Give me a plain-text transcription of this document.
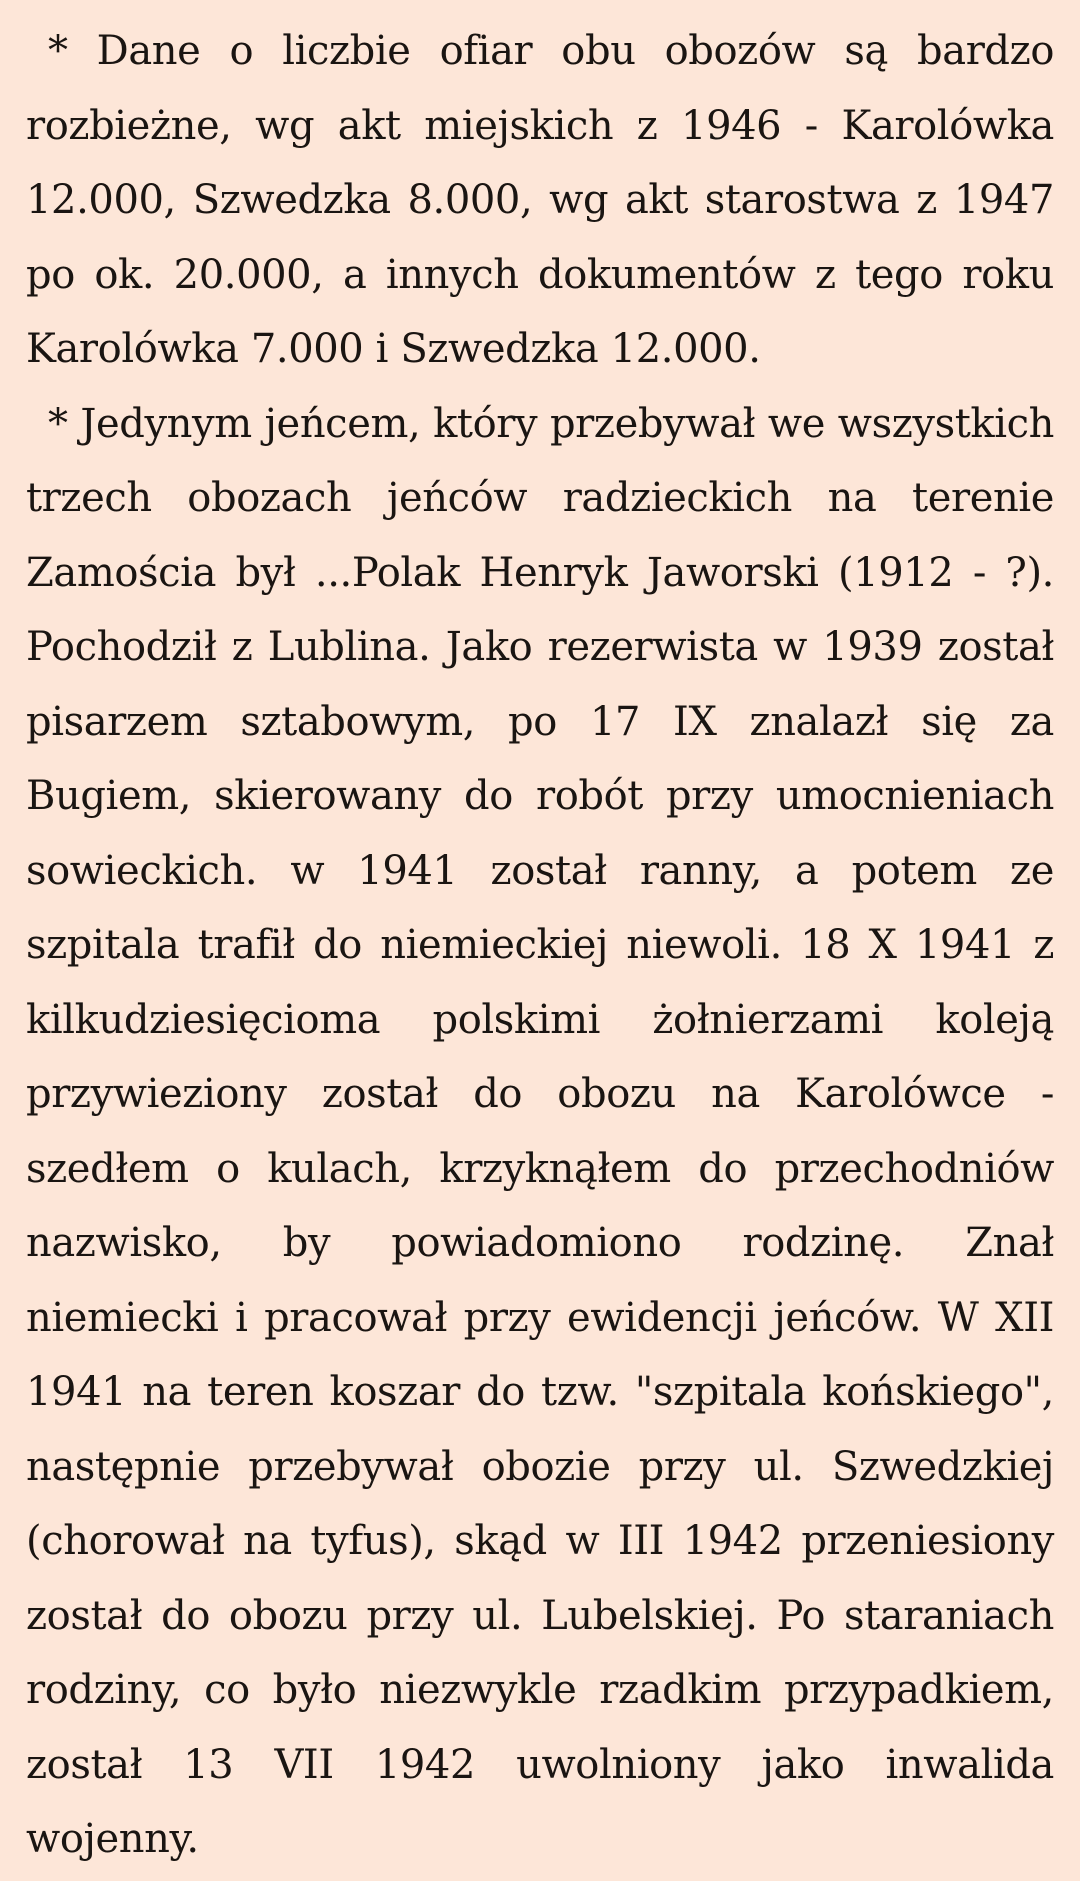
* Dane o liczbie ofiar obu obozów są bardzo rozbieżne, wg akt miejskich z 1946 - Karolówka 12.000, Szwedzka 8.000, wg akt starostwa z 1947 po ok. 20.000, a innych dokumentów z tego roku Karolówka 7.000 i Szwedzka 12.000.

* Jedynym jeńcem, który przebywał we wszystkich trzech obozach jeńców radzieckich na terenie Zamościa był ...Polak Henryk Jaworski (1912 - ?). Pochodził z Lublina. Jako rezerwista w 1939 został pisarzem sztabowym, po 17 IX znalazł się za Bugiem, skierowany do robót przy umocnieniach sowieckich. w 1941 został ranny, a potem ze szpitala trafił do niemieckiej niewoli. 18 X 1941 z kilkudziesięcioma polskimi żołnierzami koleją przywieziony został do obozu na Karolówce - szedłem o kulach, krzyknąłem do przechodniów nazwisko, by powiadomiono rodzinę. Znał niemiecki i pracował przy ewidencji jeńców. W XII 1941 na teren koszar do tzw. "szpitala końskiego", następnie przebywał obozie przy ul. Szwedzkiej (chorował na tyfus), skąd w III 1942 przeniesiony został do obozu przy ul. Lubelskiej. Po staraniach rodziny, co było niezwykle rzadkim przypadkiem, został 13 VII 1942 uwolniony jako inwalida wojenny.
